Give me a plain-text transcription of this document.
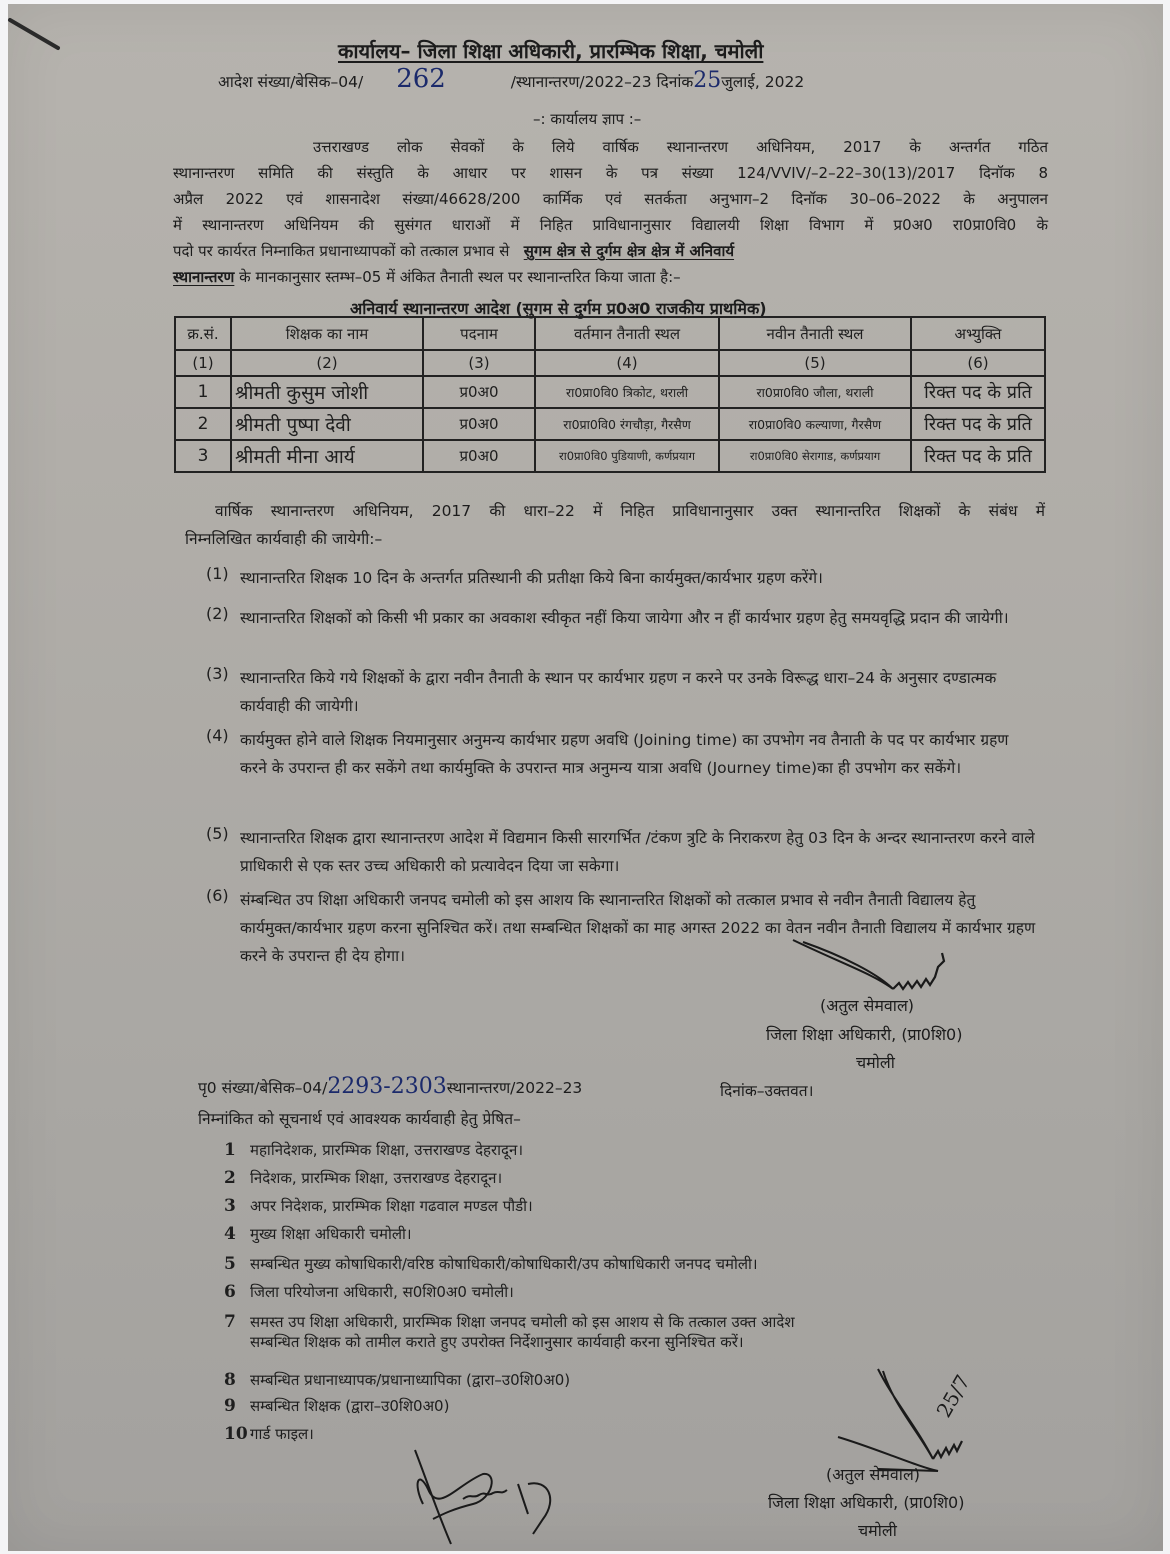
कार्यालय– जिला शिक्षा अधिकारी, प्रारम्भिक शिक्षा, चमोली
आदेश संख्या/बेसिक–04/ 262	/स्थानान्तरण/2022–23 दिनांक25जुलाई, 2022
–: कार्यालय ज्ञाप :–
उत्तराखण्ड लोक सेवकों के लिये वार्षिक स्थानान्तरण अधिनियम, 2017 के अन्तर्गत गठित
स्थानान्तरण समिति की संस्तुति के आधार पर शासन के पत्र संख्या 124/VVIV/–2–22–30(13)/2017 दिनॉक 8
अप्रैल 2022 एवं शासनादेश संख्या/46628/200 कार्मिक एवं सतर्कता अनुभाग–2 दिनॉक 30–06–2022 के अनुपालन
में स्थानान्तरण अधिनियम की सुसंगत धाराओं में निहित प्राविधानानुसार विद्यालयी शिक्षा विभाग में प्र0अ0 रा0प्रा0वि0 के
पदो पर कार्यरत निम्नाकित प्रधानाध्यापकों को तत्काल प्रभाव से सुगम क्षेत्र से दुर्गम क्षेत्र क्षेत्र में अनिवार्य
स्थानान्तरण के मानकानुसार स्तम्भ–05 में अंकित तैनाती स्थल पर स्थानान्तरित किया जाता है:–
अनिवार्य स्थानान्तरण आदेश (सुगम से दुर्गम प्र0अ0 राजकीय प्राथमिक)
क्र.सं.	शिक्षक का नाम	पदनाम	वर्तमान तैनाती स्थल	नवीन तैनाती स्थल	अभ्युक्ति
(1)	(2)	(3)	(4)	(5)	(6)
1	श्रीमती कुसुम जोशी	प्र0अ0	रा0प्रा0वि0 त्रिकोट, थराली	रा0प्रा0वि0 जौला, थराली	रिक्त पद के प्रति
2	श्रीमती पुष्पा देवी	प्र0अ0	रा0प्रा0वि0 रंगचौड़ा, गैरसैण	रा0प्रा0वि0 कल्याणा, गैरसैण	रिक्त पद के प्रति
3	श्रीमती मीना आर्य	प्र0अ0	रा0प्रा0वि0 पुडियाणी, कर्णप्रयाग	रा0प्रा0वि0 सेरागाड, कर्णप्रयाग	रिक्त पद के प्रति
वार्षिक स्थानान्तरण अधिनियम, 2017 की धारा–22 में निहित प्राविधानानुसार उक्त स्थानान्तरित शिक्षकों के संबंध में
निम्नलिखित कार्यवाही की जायेगी:–
(1) स्थानान्तरित शिक्षक 10 दिन के अन्तर्गत प्रतिस्थानी की प्रतीक्षा किये बिना कार्यमुक्त/कार्यभार ग्रहण करेंगे।
(2) स्थानान्तरित शिक्षकों को किसी भी प्रकार का अवकाश स्वीकृत नहीं किया जायेगा और न हीं कार्यभार ग्रहण हेतु समयवृद्धि प्रदान की जायेगी।
(3) स्थानान्तरित किये गये शिक्षकों के द्वारा नवीन तैनाती के स्थान पर कार्यभार ग्रहण न करने पर उनके विरूद्ध धारा–24 के अनुसार दण्डात्मक कार्यवाही की जायेगी।
(4) कार्यमुक्त होने वाले शिक्षक नियमानुसार अनुमन्य कार्यभार ग्रहण अवधि (Joining time) का उपभोग नव तैनाती के पद पर कार्यभार ग्रहण करने के उपरान्त ही कर सकेंगे तथा कार्यमुक्ति के उपरान्त मात्र अनुमन्य यात्रा अवधि (Journey time)का ही उपभोग कर सकेंगे।
(5) स्थानान्तरित शिक्षक द्वारा स्थानान्तरण आदेश में विद्यमान किसी सारगर्भित /टंकण त्रुटि के निराकरण हेतु 03 दिन के अन्दर स्थानान्तरण करने वाले प्राधिकारी से एक स्तर उच्च अधिकारी को प्रत्यावेदन दिया जा सकेगा।
(6) संम्बन्धित उप शिक्षा अधिकारी जनपद चमोली को इस आशय कि स्थानान्तरित शिक्षकों को तत्काल प्रभाव से नवीन तैनाती विद्यालय हेतु कार्यमुक्त/कार्यभार ग्रहण करना सुनिश्चित करें। तथा सम्बन्धित शिक्षकों का माह अगस्त 2022 का वेतन नवीन तैनाती विद्यालय में कार्यभार ग्रहण करने के उपरान्त ही देय होगा।
(अतुल सेमवाल)
जिला शिक्षा अधिकारी, (प्रा0शि0)
चमोली
पृ0 संख्या/बेसिक–04/2293-2303स्थानान्तरण/2022–23	दिनांक–उक्तवत।
निम्नांकित को सूचनार्थ एवं आवश्यक कार्यवाही हेतु प्रेषित–
1 महानिदेशक, प्रारम्भिक शिक्षा, उत्तराखण्ड देहरादून।
2 निदेशक, प्रारम्भिक शिक्षा, उत्तराखण्ड देहरादून।
3 अपर निदेशक, प्रारम्भिक शिक्षा गढवाल मण्डल पौडी।
4 मुख्य शिक्षा अधिकारी चमोली।
5 सम्बन्धित मुख्य कोषाधिकारी/वरिष्ठ कोषाधिकारी/कोषाधिकारी/उप कोषाधिकारी जनपद चमोली।
6 जिला परियोजना अधिकारी, स0शि0अ0 चमोली।
7 समस्त उप शिक्षा अधिकारी, प्रारम्भिक शिक्षा जनपद चमोली को इस आशय से कि तत्काल उक्त आदेश
सम्बन्धित शिक्षक को तामील कराते हुए उपरोक्त निर्देशानुसार कार्यवाही करना सुनिश्चित करें।
8 सम्बन्धित प्रधानाध्यापक/प्रधानाध्यापिका (द्वारा–उ0शि0अ0)
9 सम्बन्धित शिक्षक (द्वारा–उ0शि0अ0)
10 गार्ड फाइल।
25/7
(अतुल सेमवाल)
जिला शिक्षा अधिकारी, (प्रा0शि0)
चमोली
